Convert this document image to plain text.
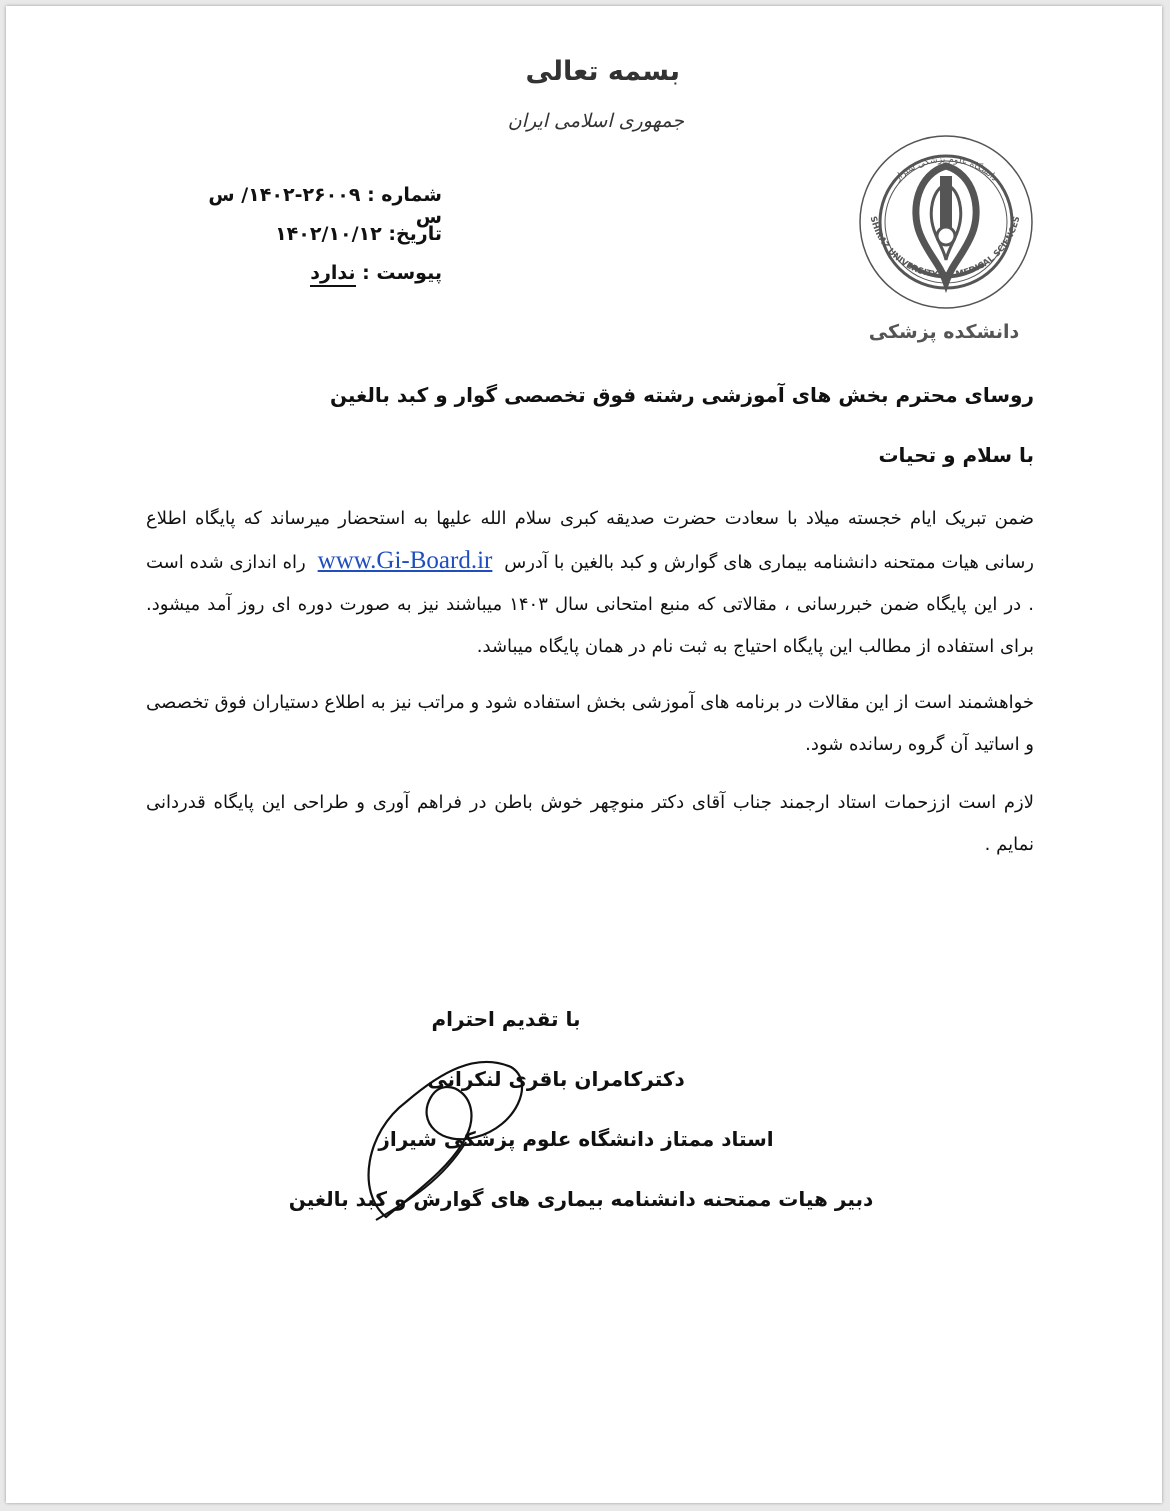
بسمه تعالی
جمهوری اسلامی ایران
شماره : ۲۶۰۰۹-۱۴۰۲/ س س
تاریخ: ۱۴۰۲/۱۰/۱۲
پیوست : ندارد
دانشگاه علوم پزشکی شیراز
SHIRAZ UNIVERSITY OF MEDICAL SCIENCES
دانشکده پزشکی
روسای محترم بخش های آموزشی رشته فوق تخصصی گوار و کبد بالغین
با سلام و تحیات
ضمن تبریک ایام خجسته میلاد با سعادت حضرت صدیقه کبری سلام الله علیها به استحضار میرساند که پایگاه اطلاع رسانی هیات ممتحنه دانشنامه بیماری های گوارش و کبد بالغین با آدرس www.Gi-Board.ir راه اندازی شده است . در این پایگاه ضمن خبررسانی ، مقالاتی که منبع امتحانی سال ۱۴۰۳ میباشند نیز به صورت دوره ای روز آمد میشود. برای استفاده از مطالب این پایگاه احتیاج به ثبت نام در همان پایگاه میباشد.
خواهشمند است از این مقالات در برنامه های آموزشی بخش استفاده شود و مراتب نیز به اطلاع دستیاران فوق تخصصی و اساتید آن گروه رسانده شود.
لازم است اززحمات استاد ارجمند جناب آقای دکتر منوچهر خوش باطن در فراهم آوری و طراحی این پایگاه قدردانی نمایم .
با تقدیم احترام
دکترکامران باقری لنکرانی
استاد ممتاز دانشگاه علوم پزشکی شیراز
دبیر هیات ممتحنه دانشنامه بیماری های گوارش و کبد بالغین
